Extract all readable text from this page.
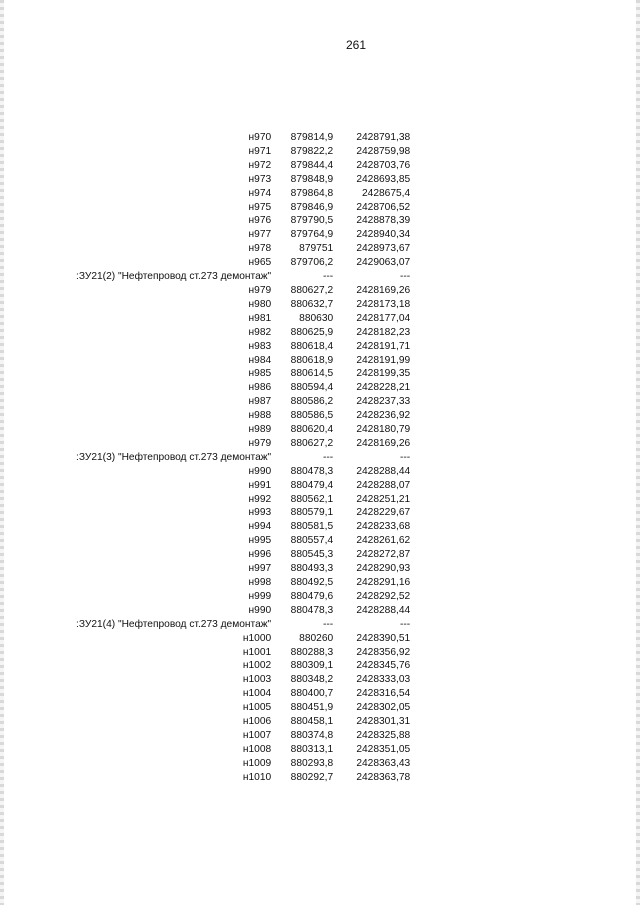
261
н970	879814,9	2428791,38
н971	879822,2	2428759,98
н972	879844,4	2428703,76
н973	879848,9	2428693,85
н974	879864,8	2428675,4
н975	879846,9	2428706,52
н976	879790,5	2428878,39
н977	879764,9	2428940,34
н978	879751	2428973,67
н965	879706,2	2429063,07
:ЗУ21(2) "Нефтепровод ст.273 демонтаж"	---	---
н979	880627,2	2428169,26
н980	880632,7	2428173,18
н981	880630	2428177,04
н982	880625,9	2428182,23
н983	880618,4	2428191,71
н984	880618,9	2428191,99
н985	880614,5	2428199,35
н986	880594,4	2428228,21
н987	880586,2	2428237,33
н988	880586,5	2428236,92
н989	880620,4	2428180,79
н979	880627,2	2428169,26
:ЗУ21(3) "Нефтепровод ст.273 демонтаж"	---	---
н990	880478,3	2428288,44
н991	880479,4	2428288,07
н992	880562,1	2428251,21
н993	880579,1	2428229,67
н994	880581,5	2428233,68
н995	880557,4	2428261,62
н996	880545,3	2428272,87
н997	880493,3	2428290,93
н998	880492,5	2428291,16
н999	880479,6	2428292,52
н990	880478,3	2428288,44
:ЗУ21(4) "Нефтепровод ст.273 демонтаж"	---	---
н1000	880260	2428390,51
н1001	880288,3	2428356,92
н1002	880309,1	2428345,76
н1003	880348,2	2428333,03
н1004	880400,7	2428316,54
н1005	880451,9	2428302,05
н1006	880458,1	2428301,31
н1007	880374,8	2428325,88
н1008	880313,1	2428351,05
н1009	880293,8	2428363,43
н1010	880292,7	2428363,78
